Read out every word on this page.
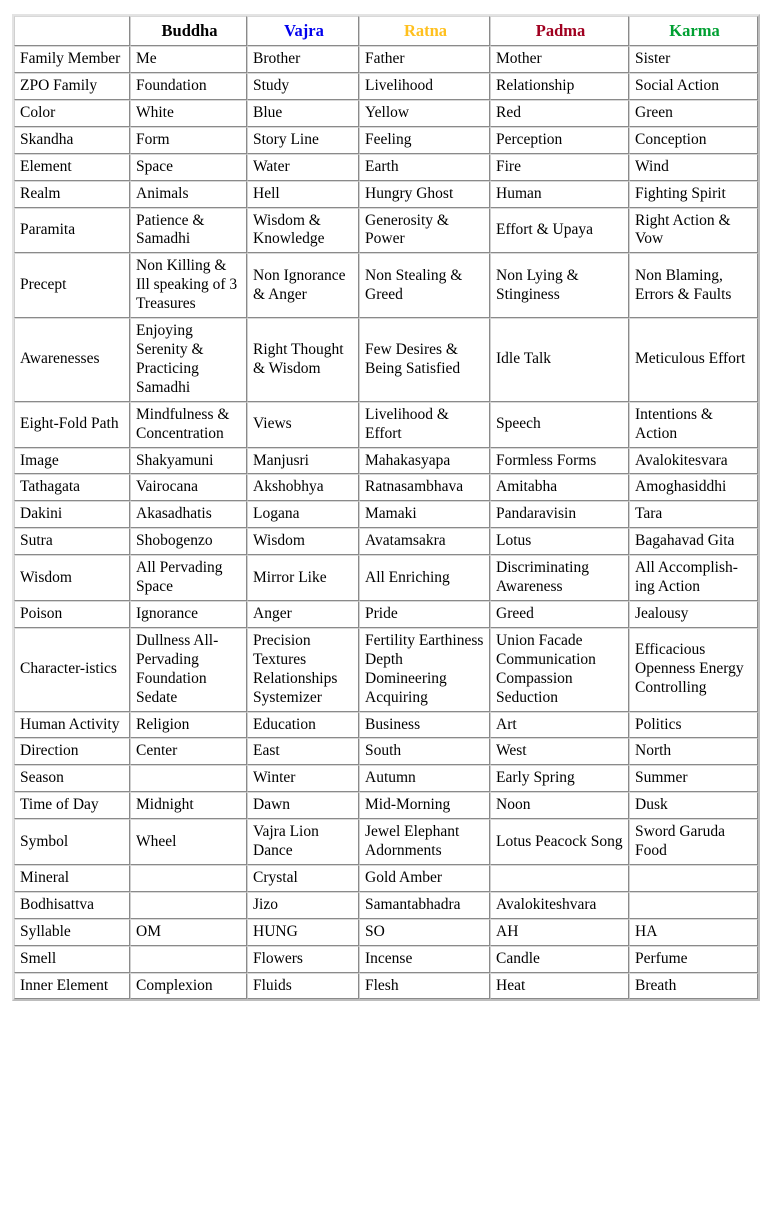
	Buddha	Vajra	Ratna	Padma	Karma
Family Member	Me	Brother	Father	Mother	Sister
ZPO Family	Foundation	Study	Livelihood	Relationship	Social Action
Color	White	Blue	Yellow	Red	Green
Skandha	Form	Story Line	Feeling	Perception	Conception
Element	Space	Water	Earth	Fire	Wind
Realm	Animals	Hell	Hungry Ghost	Human	Fighting Spirit
Paramita	Patience & Samadhi	Wisdom & Knowledge	Generosity & Power	Effort & Upaya	Right Action & Vow
Precept	Non Killing & Ill speaking of 3 Treasures	Non Ignorance & Anger	Non Stealing & Greed	Non Lying & Stinginess	Non Blaming, Errors & Faults
Awarenesses	Enjoying Serenity & Practicing Samadhi	Right Thought & Wisdom	Few Desires & Being Satisfied	Idle Talk	Meticulous Effort
Eight-Fold Path	Mindfulness & Concentration	Views	Livelihood & Effort	Speech	Intentions & Action
Image	Shakyamuni	Manjusri	Mahakasyapa	Formless Forms	Avalokitesvara
Tathagata	Vairocana	Akshobhya	Ratnasambhava	Amitabha	Amoghasiddhi
Dakini	Akasadhatis	Logana	Mamaki	Pandaravisin	Tara
Sutra	Shobogenzo	Wisdom	Avatamsakra	Lotus	Bagahavad Gita
Wisdom	All Pervading Space	Mirror Like	All Enriching	Discriminating Awareness	All Accomplish-ing Action
Poison	Ignorance	Anger	Pride	Greed	Jealousy
Character-istics	Dullness All-Pervading Foundation Sedate	Precision Textures Relationships Systemizer	Fertility Earthiness Depth Domineering Acquiring	Union Facade Communication Compassion Seduction	Efficacious Openness Energy Controlling
Human Activity	Religion	Education	Business	Art	Politics
Direction	Center	East	South	West	North
Season		Winter	Autumn	Early Spring	Summer
Time of Day	Midnight	Dawn	Mid-Morning	Noon	Dusk
Symbol	Wheel	Vajra Lion Dance	Jewel Elephant Adornments	Lotus Peacock Song	Sword Garuda Food
Mineral		Crystal	Gold Amber		
Bodhisattva		Jizo	Samantabhadra	Avalokiteshvara	
Syllable	OM	HUNG	SO	AH	HA
Smell		Flowers	Incense	Candle	Perfume
Inner Element	Complexion	Fluids	Flesh	Heat	Breath
